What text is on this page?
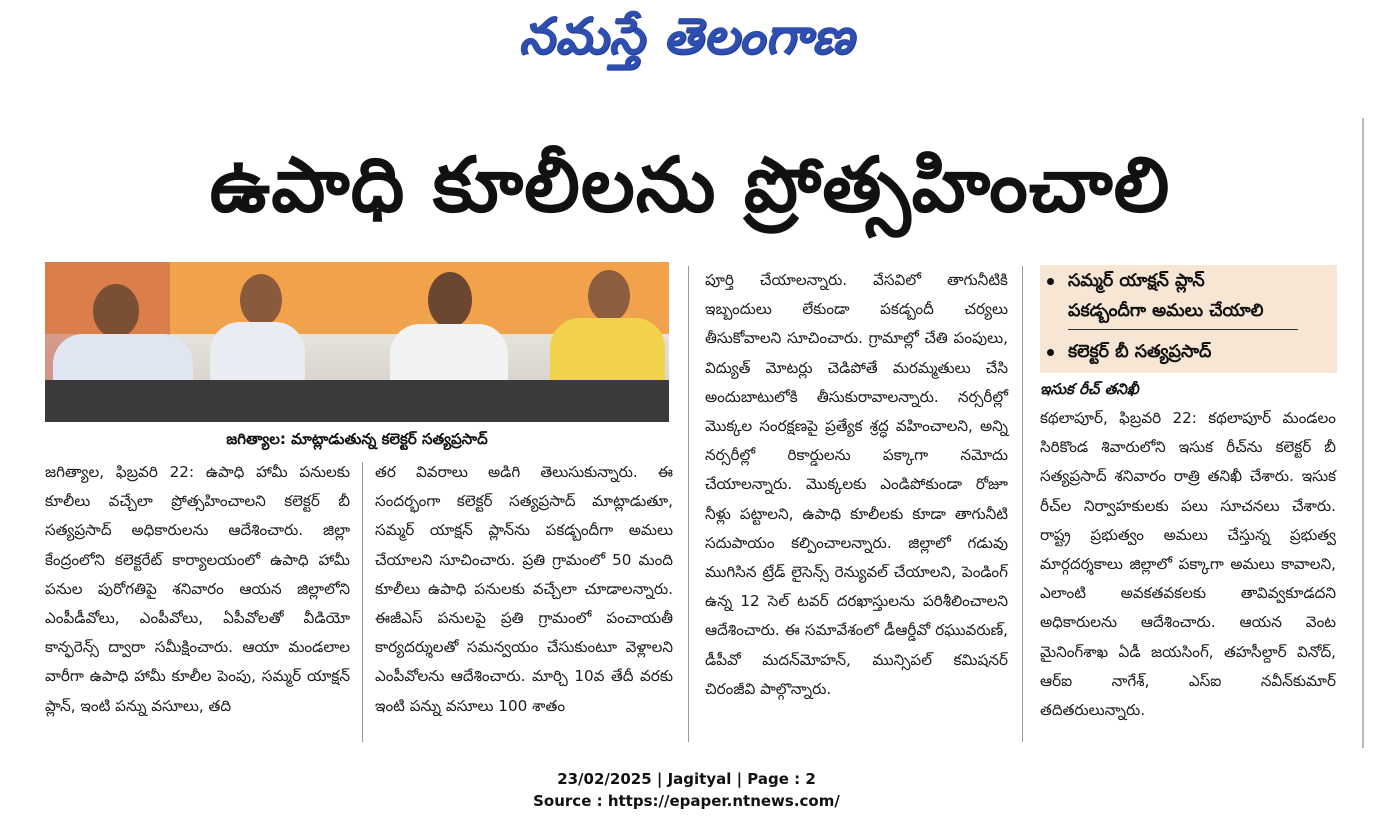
నమస్తే తెలంగాణ
ఉపాధి కూలీలను ప్రోత్సహించాలి
జగిత్యాల: మాట్లాడుతున్న కలెక్టర్ సత్యప్రసాద్
జగిత్యాల, ఫిబ్రవరి 22: ఉపాధి హామీ పనులకు కూలీలు వచ్చేలా ప్రోత్సహించాలని కలెక్టర్ బీ సత్యప్రసాద్ అధికారులను ఆదేశించారు. జిల్లా కేంద్రంలోని కలెక్టరేట్ కార్యాలయంలో ఉపాధి హామీ పనుల పురోగతిపై శనివారం ఆయన జిల్లాలోని ఎంపీడీవోలు, ఎంపీవోలు, ఏపీవోలతో వీడియో కాన్ఫరెన్స్ ద్వారా సమీక్షించారు. ఆయా మండలాల వారీగా ఉపాధి హామీ కూలీల పెంపు, సమ్మర్ యాక్షన్ ప్లాన్, ఇంటి పన్ను వసూలు, తది
తర వివరాలు అడిగి తెలుసుకున్నారు. ఈ సందర్భంగా కలెక్టర్ సత్యప్రసాద్ మాట్లాడుతూ, సమ్మర్ యాక్షన్ ప్లాన్‌ను పకడ్బందీగా అమలు చేయాలని సూచించారు. ప్రతి గ్రామంలో 50 మంది కూలీలు ఉపాధి పనులకు వచ్చేలా చూడాలన్నారు. ఈజీఎస్ పనులపై ప్రతి గ్రామంలో పంచాయతీ కార్యదర్శులతో సమన్వయం చేసుకుంటూ వెళ్లాలని ఎంపీవోలను ఆదేశించారు. మార్చి 10వ తేదీ వరకు ఇంటి పన్ను వసూలు 100 శాతం
పూర్తి చేయాలన్నారు. వేసవిలో తాగునీటికి ఇబ్బందులు లేకుండా పకడ్బందీ చర్యలు తీసుకోవాలని సూచించారు. గ్రామాల్లో చేతి పంపులు, విద్యుత్ మోటర్లు చెడిపోతే మరమ్మతులు చేసి అందుబాటులోకి తీసుకురావాలన్నారు. నర్సరీల్లో మొక్కల సంరక్షణపై ప్రత్యేక శ్రద్ధ వహించాలని, అన్ని నర్సరీల్లో రికార్డులను పక్కాగా నమోదు చేయాలన్నారు. మొక్కలకు ఎండిపోకుండా రోజూ నీళ్లు పట్టాలని, ఉపాధి కూలీలకు కూడా తాగునీటి సదుపాయం కల్పించాలన్నారు. జిల్లాలో గడువు ముగిసిన ట్రేడ్ లైసెన్స్ రెన్యువల్ చేయాలని, పెండింగ్ ఉన్న 12 సెల్ టవర్ దరఖాస్తులను పరిశీలించాలని ఆదేశించారు. ఈ సమావేశంలో డీఆర్డీవో రఘువరుణ్, డీపీవో మదన్‌మోహన్, మున్సిపల్ కమిషనర్ చిరంజీవి పాల్గొన్నారు.
సమ్మర్ యాక్షన్ ప్లాన్
పకడ్బందీగా అమలు చేయాలి
కలెక్టర్ బీ సత్యప్రసాద్
ఇసుక రీచ్ తనిఖీ
కథలాపూర్, ఫిబ్రవరి 22: కథలాపూర్ మండలం సిరికొండ శివారులోని ఇసుక రీచ్‌ను కలెక్టర్ బీ సత్యప్రసాద్ శనివారం రాత్రి తనిఖీ చేశారు. ఇసుక రీచ్‌ల నిర్వాహకులకు పలు సూచనలు చేశారు. రాష్ట్ర ప్రభుత్వం అమలు చేస్తున్న ప్రభుత్వ మార్గదర్శకాలు జిల్లాలో పక్కాగా అమలు కావాలని, ఎలాంటి అవకతవకలకు తావివ్వకూడదని అధికారులను ఆదేశించారు. ఆయన వెంట మైనింగ్‌శాఖ ఏడీ జయసింగ్, తహసీల్దార్ వినోద్, ఆర్ఐ నాగేశ్, ఎస్ఐ నవీన్‌కుమార్ తదితరులున్నారు.
23/02/2025 | Jagityal | Page : 2
Source : https://epaper.ntnews.com/
